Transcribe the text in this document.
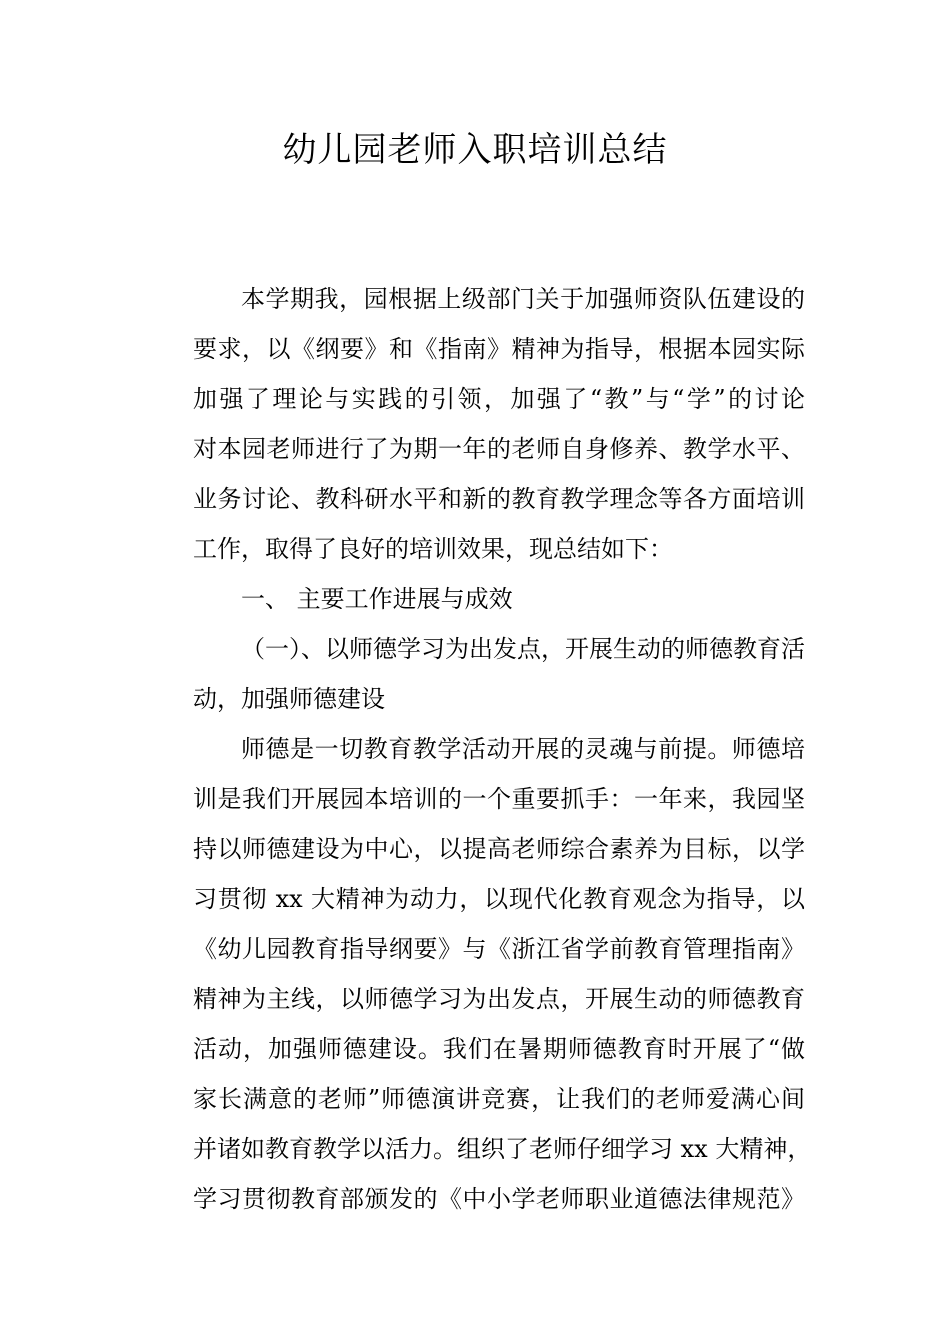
幼儿园老师入职培训总结
本学期我，园根据上级部门关于加强师资队伍建设的
要求，以《纲要》和《指南》精神为指导，根据本园实际
加强了理论与实践的引领，加强了“教”与“学”的讨论
对本园老师进行了为期一年的老师自身修养、教学水平、
业务讨论、教科研水平和新的教育教学理念等各方面培训
工作，取得了良好的培训效果，现总结如下：
一、 主要工作进展与成效
（一）、以师德学习为出发点，开展生动的师德教育活
动，加强师德建设
师德是一切教育教学活动开展的灵魂与前提。师德培
训是我们开展园本培训的一个重要抓手：一年来，我园坚
持以师德建设为中心，以提高老师综合素养为目标，以学
习贯彻 xx 大精神为动力，以现代化教育观念为指导，以
《幼儿园教育指导纲要》与《浙江省学前教育管理指南》
精神为主线，以师德学习为出发点，开展生动的师德教育
活动，加强师德建设。我们在暑期师德教育时开展了“做
家长满意的老师”师德演讲竞赛，让我们的老师爱满心间
并诸如教育教学以活力。组织了老师仔细学习 xx 大精神，
学习贯彻教育部颁发的《中小学老师职业道德法律规范》
